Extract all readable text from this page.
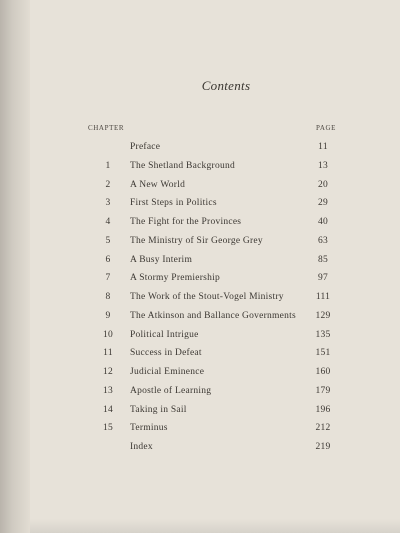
Contents
CHAPTER	PAGE
Preface	11
1	The Shetland Background	13
2	A New World	20
3	First Steps in Politics	29
4	The Fight for the Provinces	40
5	The Ministry of Sir George Grey	63
6	A Busy Interim	85
7	A Stormy Premiership	97
8	The Work of the Stout-Vogel Ministry	111
9	The Atkinson and Ballance Governments	129
10	Political Intrigue	135
11	Success in Defeat	151
12	Judicial Eminence	160
13	Apostle of Learning	179
14	Taking in Sail	196
15	Terminus	212
Index	219
